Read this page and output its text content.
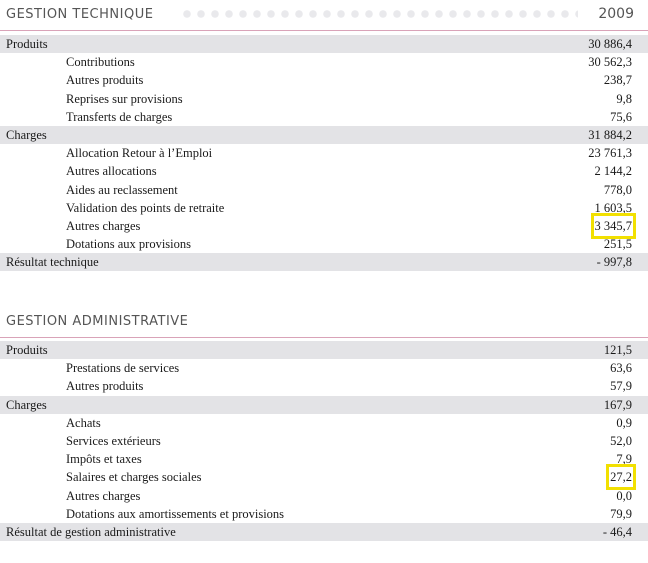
GESTION TECHNIQUE	2009
Produits	30 886,4
Contributions	30 562,3
Autres produits	238,7
Reprises sur provisions	9,8
Transferts de charges	75,6
Charges	31 884,2
Allocation Retour à l’Emploi	23 761,3
Autres allocations	2 144,2
Aides au reclassement	778,0
Validation des points de retraite	1 603,5
Autres charges	3 345,7
Dotations aux provisions	251,5
Résultat technique	- 997,8
GESTION ADMINISTRATIVE
Produits	121,5
Prestations de services	63,6
Autres produits	57,9
Charges	167,9
Achats	0,9
Services extérieurs	52,0
Impôts et taxes	7,9
Salaires et charges sociales	27,2
Autres charges	0,0
Dotations aux amortissements et provisions	79,9
Résultat de gestion administrative	- 46,4
